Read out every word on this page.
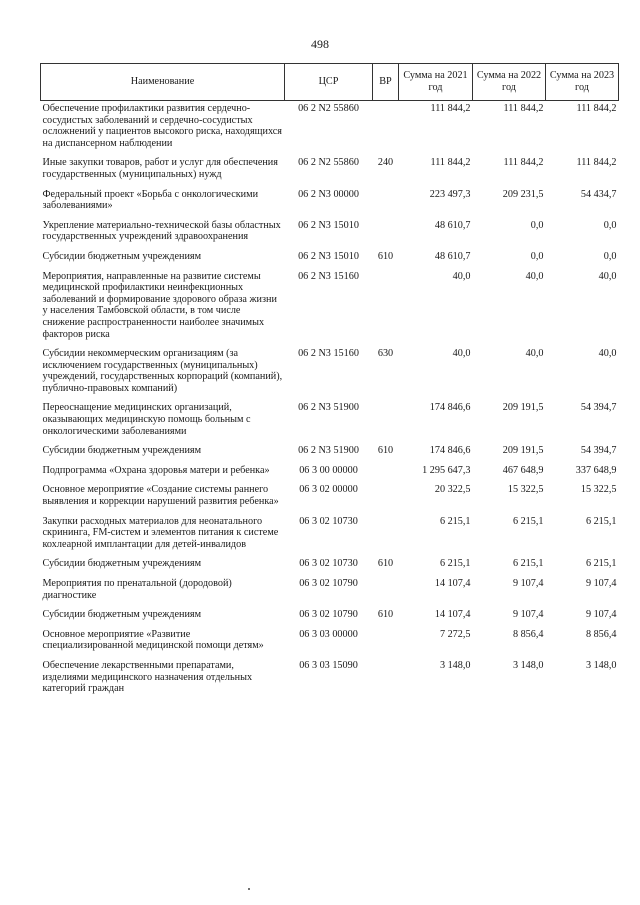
498
Наименование	ЦСР	ВР	Сумма на 2021 год	Сумма на 2022 год	Сумма на 2023 год
Обеспечение профилактики развития сердечно-сосудистых заболеваний и сердечно-сосудистых осложнений у пациентов высокого риска, находящихся на диспансерном наблюдении	06 2 N2 55860		111 844,2	111 844,2	111 844,2
Иные закупки товаров, работ и услуг для обеспечения государственных (муниципальных) нужд	06 2 N2 55860	240	111 844,2	111 844,2	111 844,2
Федеральный проект «Борьба с онкологическими заболеваниями»	06 2 N3 00000		223 497,3	209 231,5	54 434,7
Укрепление материально-технической базы областных государственных учреждений здравоохранения	06 2 N3 15010		48 610,7	0,0	0,0
Субсидии бюджетным учреждениям	06 2 N3 15010	610	48 610,7	0,0	0,0
Мероприятия, направленные на развитие системы медицинской профилактики неинфекционных заболеваний и формирование здорового образа жизни у населения Тамбовской области, в том числе снижение распространенности наиболее значимых факторов риска	06 2 N3 15160		40,0	40,0	40,0
Субсидии некоммерческим организациям (за исключением государственных (муниципальных) учреждений, государственных корпораций (компаний), публично-правовых компаний)	06 2 N3 15160	630	40,0	40,0	40,0
Переоснащение медицинских организаций, оказывающих медицинскую помощь больным с онкологическими заболеваниями	06 2 N3 51900		174 846,6	209 191,5	54 394,7
Субсидии бюджетным учреждениям	06 2 N3 51900	610	174 846,6	209 191,5	54 394,7
Подпрограмма «Охрана здоровья матери и ребенка»	06 3 00 00000		1 295 647,3	467 648,9	337 648,9
Основное мероприятие «Создание системы раннего выявления и коррекции нарушений развития ребенка»	06 3 02 00000		20 322,5	15 322,5	15 322,5
Закупки расходных материалов для неонатального скрининга, FM-систем и элементов питания к системе кохлеарной имплантации для детей-инвалидов	06 3 02 10730		6 215,1	6 215,1	6 215,1
Субсидии бюджетным учреждениям	06 3 02 10730	610	6 215,1	6 215,1	6 215,1
Мероприятия по пренатальной (дородовой) диагностике	06 3 02 10790		14 107,4	9 107,4	9 107,4
Субсидии бюджетным учреждениям	06 3 02 10790	610	14 107,4	9 107,4	9 107,4
Основное мероприятие «Развитие специализированной медицинской помощи детям»	06 3 03 00000		7 272,5	8 856,4	8 856,4
Обеспечение лекарственными препаратами, изделиями медицинского назначения отдельных категорий граждан	06 3 03 15090		3 148,0	3 148,0	3 148,0
